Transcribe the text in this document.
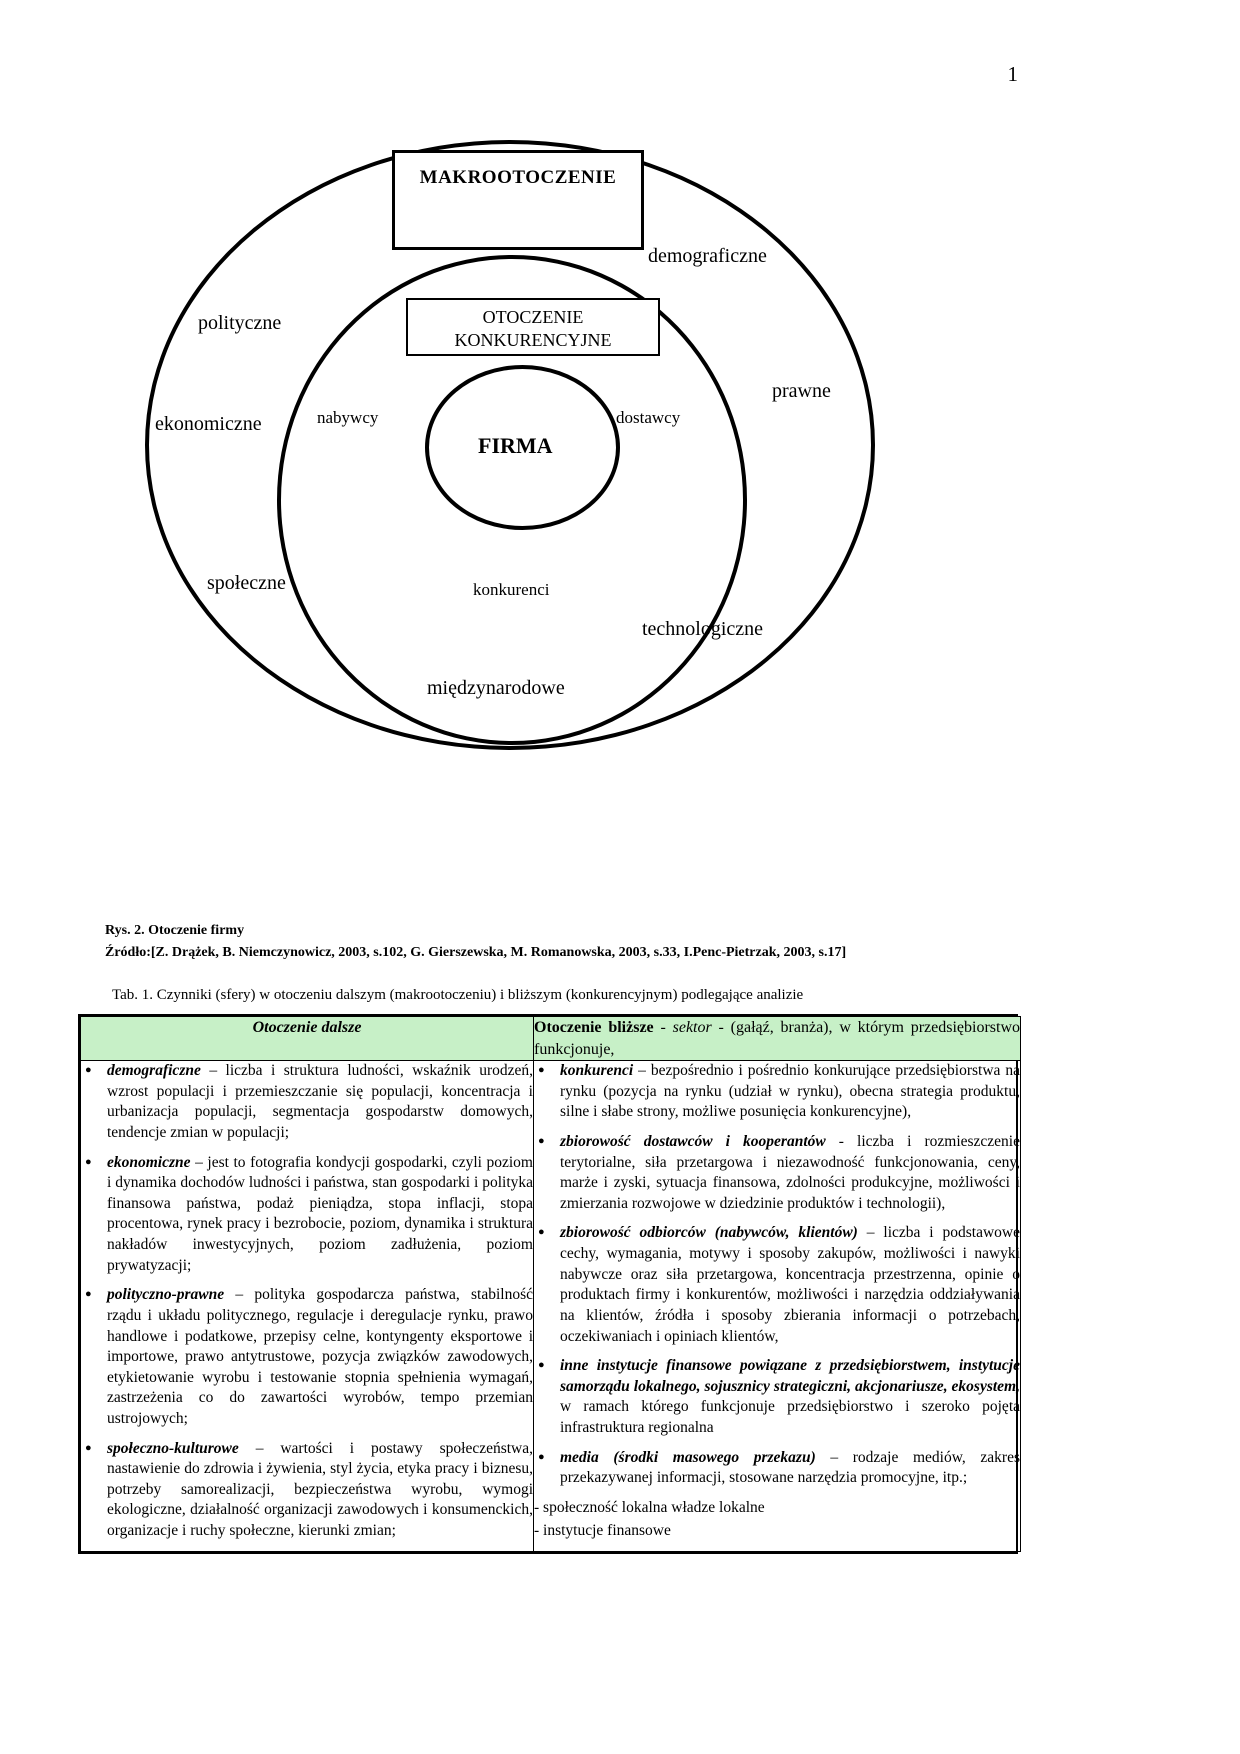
1
MAKROOTOCZENIE
OTOCZENIE
KONKURENCYJNE
FIRMA
demograficzne
polityczne
prawne
ekonomiczne
społeczne
technologiczne
międzynarodowe
nabywcy	dostawcy
konkurenci
Rys. 2. Otoczenie firmy
Źródło:[Z. Drążek, B. Niemczynowicz, 2003, s.102, G. Gierszewska, M. Romanowska, 2003, s.33, I.Penc-Pietrzak, 2003, s.17]
Tab. 1. Czynniki (sfery) w otoczeniu dalszym (makrootoczeniu) i bliższym (konkurencyjnym) podlegające analizie
Otoczenie dalsze	Otoczenie bliższe - sektor - (gałąź, branża), w którym przedsiębiorstwo funkcjonuje,

● demograficzne – liczba i struktura ludności, wskaźnik urodzeń, wzrost populacji i przemieszczanie się populacji, koncentracja i urbanizacja populacji, segmentacja gospodarstw domowych, tendencje zmian w populacji;
● ekonomiczne – jest to fotografia kondycji gospodarki, czyli poziom i dynamika dochodów ludności i państwa, stan gospodarki i polityka finansowa państwa, podaż pieniądza, stopa inflacji, stopa procentowa, rynek pracy i bezrobocie, poziom, dynamika i struktura nakładów inwestycyjnych, poziom zadłużenia, poziom prywatyzacji;
● polityczno-prawne – polityka gospodarcza państwa, stabilność rządu i układu politycznego, regulacje i deregulacje rynku, prawo handlowe i podatkowe, przepisy celne, kontyngenty eksportowe i importowe, prawo antytrustowe, pozycja związków zawodowych, etykietowanie wyrobu i testowanie stopnia spełnienia wymagań, zastrzeżenia co do zawartości wyrobów, tempo przemian ustrojowych;
● społeczno-kulturowe – wartości i postawy społeczeństwa, nastawienie do zdrowia i żywienia, styl życia, etyka pracy i biznesu, potrzeby samorealizacji, bezpieczeństwa wyrobu, wymogi ekologiczne, działalność organizacji zawodowych i konsumenckich, organizacje i ruchy społeczne, kierunki zmian;

● konkurenci – bezpośrednio i pośrednio konkurujące przedsiębiorstwa na rynku (pozycja na rynku (udział w rynku), obecna strategia produktu, silne i słabe strony, możliwe posunięcia konkurencyjne),
● zbiorowość dostawców i kooperantów - liczba i rozmieszczenie terytorialne, siła przetargowa i niezawodność funkcjonowania, ceny, marże i zyski, sytuacja finansowa, zdolności produkcyjne, możliwości i zmierzania rozwojowe w dziedzinie produktów i technologii),
● zbiorowość odbiorców (nabywców, klientów) – liczba i podstawowe cechy, wymagania, motywy i sposoby zakupów, możliwości i nawyki nabywcze oraz siła przetargowa, koncentracja przestrzenna, opinie o produktach firmy i konkurentów, możliwości i narzędzia oddziaływania na klientów, źródła i sposoby zbierania informacji o potrzebach, oczekiwaniach i opiniach klientów,
● inne instytucje finansowe powiązane z przedsiębiorstwem, instytucje samorządu lokalnego, sojusznicy strategiczni, akcjonariusze, ekosystem, w ramach którego funkcjonuje przedsiębiorstwo i szeroko pojęta infrastruktura regionalna
● media (środki masowego przekazu) – rodzaje mediów, zakres przekazywanej informacji, stosowane narzędzia promocyjne, itp.;
- społeczność lokalna władze lokalne
- instytucje finansowe
